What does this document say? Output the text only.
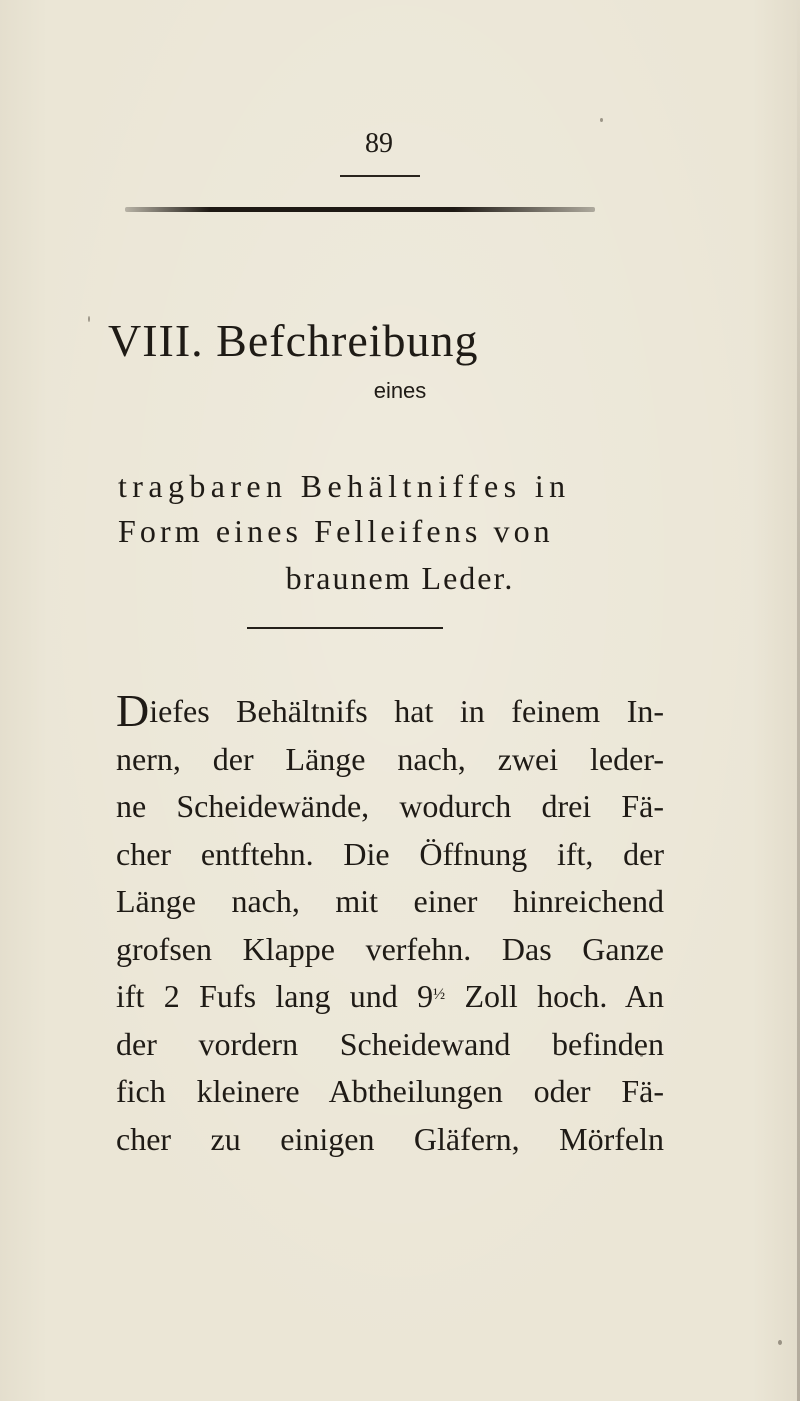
89
VIII. Befchreibung
eines
tragbaren Behältniffes in
Form eines Felleifens von
braunem Leder.
Diefes Behältnifs hat in feinem In-
nern, der Länge nach, zwei leder-
ne Scheidewände, wodurch drei Fä-
cher entftehn. Die Öffnung ift, der
Länge nach, mit einer hinreichend
grofsen Klappe verfehn. Das Ganze
ift 2 Fufs lang und 9½ Zoll hoch. An
der vordern Scheidewand befinden
fich kleinere Abtheilungen oder Fä-
cher zu einigen Gläfern, Mörfeln
